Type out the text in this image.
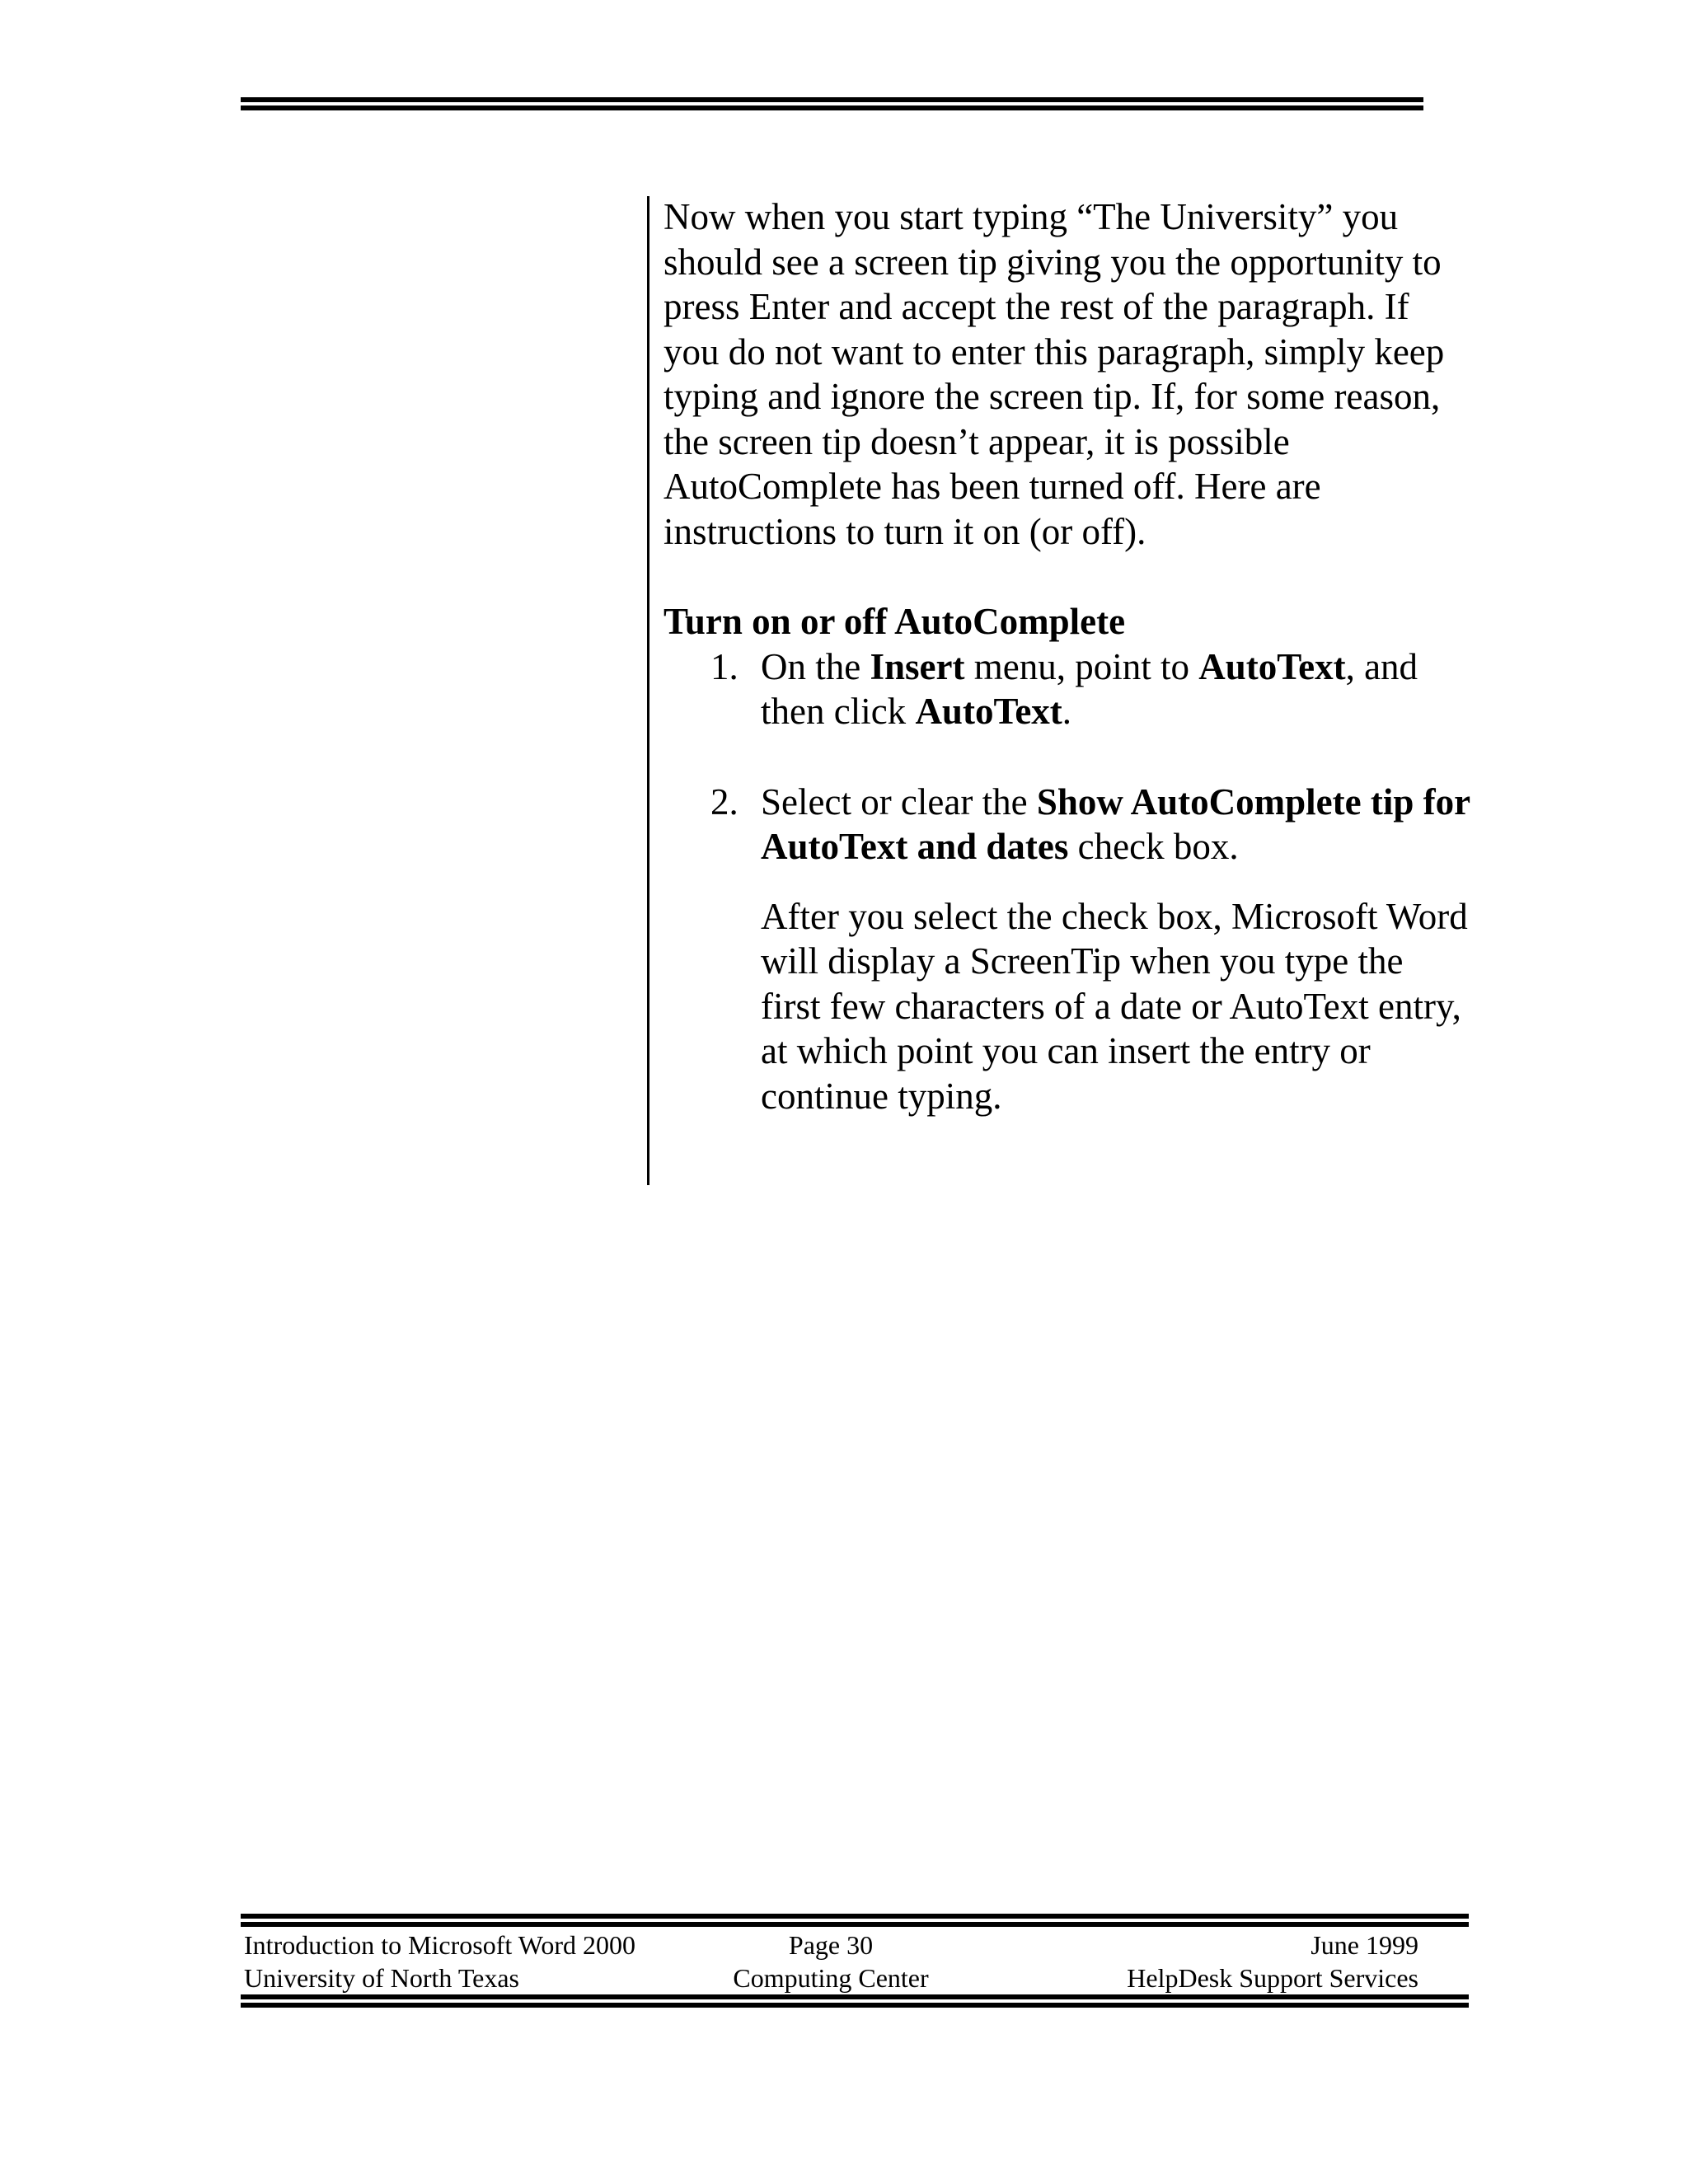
Now when you start typing “The University” you should see a screen tip giving you the opportunity to press Enter and accept the rest of the paragraph. If you do not want to enter this paragraph, simply keep typing and ignore the screen tip. If, for some reason, the screen tip doesn’t appear, it is possible AutoComplete has been turned off. Here are instructions to turn it on (or off).

Turn on or off AutoComplete

1. On the Insert menu, point to AutoText, and then click AutoText.
2. Select or clear the Show AutoComplete tip for AutoText and dates check box.

After you select the check box, Microsoft Word will display a ScreenTip when you type the first few characters of a date or AutoText entry, at which point you can insert the entry or continue typing.

Introduction to Microsoft Word 2000	Page 30	June 1999
University of North Texas	Computing Center	HelpDesk Support Services
